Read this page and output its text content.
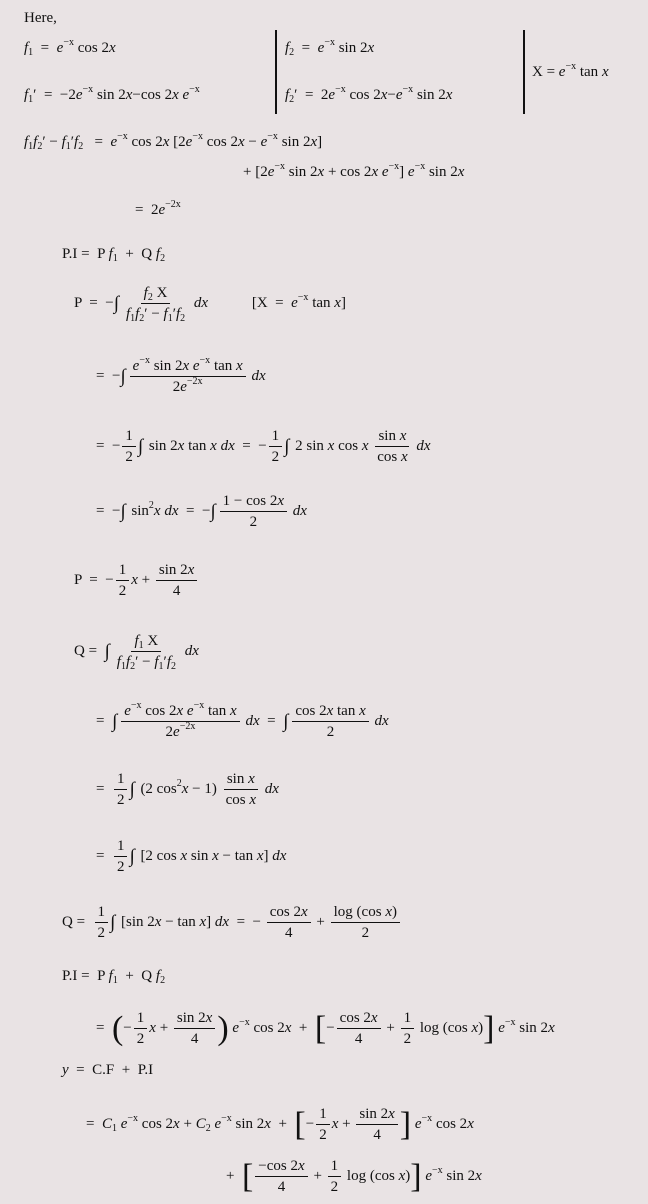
Here,
$f_1 = e^{-x}$ cos 2x
$f_1' = -2e^{-x}$ sin 2x−cos 2x $e^{-x}$
$f_2 = e^{-x}$ sin 2x
$f_2' = 2e^{-x}$ $\cos 2x-e^{-x}$ sin 2x
$X = e^{-x}$ tan x
$f_1f_2' - f_1'f_2 = e^{-x}$ cos 2x [$2e^{-x}$ $\cos 2x - e^{-x}$ sin 2x]
+ [$2e^{-x}$ sin 2x + cos 2x $e^{-x}$] $e^{-x}$ sin 2x
=  $2e^{-2x}$
P.I =  P $f_1 + Q$ $f_2$
P  =  −∫ $\frac{f_2 X}{f_1f_2' - f_1'f_2}$ dx	[$X = e^{-x}$ tan x]
=  −∫ $\frac{e^{-x} \sin 2x e^{-x} \tan x}{2e^{-2x}}$ dx
=  − $\frac{1}{2}$ ∫ sin 2x tan x dx  =  − $\frac{1}{2}$ ∫ 2 sin x cos x $\frac{\text{sin x}}{\text{cos x}}$ dx
=  −∫ $\sin^2x$ dx  =  −∫ $\frac{1 - \cos 2x}{2}$ dx
P  =  − $\frac{1}{2}$ $x + \frac{\sin 2x}{4}$
Q =  ∫ $\frac{f_1 X}{f_1f_2' - f_1'f_2}$ dx
=  ∫ $\frac{e^{-x} \cos 2x e^{-x} \tan x}{2e^{-2x}}$ dx  =  ∫ $\frac{\text{cos 2x tan x}}{2}$ dx
= $\frac{1}{2}$ ∫ (2 $\cos^2x - 1) \frac{\text{sin x}}{\text{cos x}}$ dx
= $\frac{1}{2}$ ∫ [2 cos x sin x − tan x] dx
$Q = \frac{1}{2}$ ∫ [sin 2x − tan x] dx  =  − $\frac{\cos 2x}{4} + \frac{\text{log (cos x)}}{2}$
P.I =  P $f_1 + Q$ $f_2$
=  (− $\frac{1}{2}$ $x + \frac{\sin 2x}{4}$ ) $e^{-x}$ cos 2x  +  [− $\frac{\cos 2x}{4} + \frac{1}{2}$ log (cos x)] $e^{-x}$ sin 2x
y  =  C.F  +  P.I
=  $C_1$ $e^{-x}$ $\cos 2x + C_2$ $e^{-x}$ sin 2x  +  [− $\frac{1}{2}$ $x + \frac{\sin 2x}{4}$ ] $e^{-x}$ cos 2x
+  [ $\frac{-\cos 2x}{4} + \frac{1}{2}$ log (cos x)] $e^{-x}$ sin 2x
